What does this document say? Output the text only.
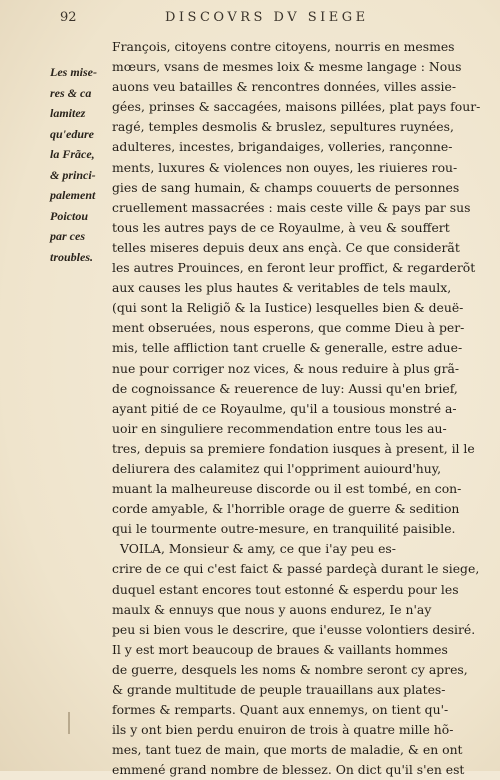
92	DISCOVRS DV SIEGE
Les mise-
res & ca
lamitez
qu'edure
la Frãce,
& princi-
palement
Poictou
par ces
troubles.
François, citoyens contre citoyens, nourris en mesmes
mœurs, vsans de mesmes loix & mesme langage : Nous
auons veu batailles & rencontres données, villes assie-
gées, prinses & saccagées, maisons pillées, plat pays four-
ragé, temples desmolis & bruslez, sepultures ruynées,
adulteres, incestes, brigandaiges, volleries, rançonne-
ments, luxures & violences non ouyes, les riuieres rou-
gies de sang humain, & champs couuerts de personnes
cruellement massacrées : mais ceste ville & pays par sus
tous les autres pays de ce Royaulme, à veu & souffert
telles miseres depuis deux ans ençà. Ce que considerãt
les autres Prouinces, en feront leur proffict, & regarderõt
aux causes les plus hautes & veritables de tels maulx,
(qui sont la Religiõ & la Iustice) lesquelles bien & deuë-
ment obseruées, nous esperons, que comme Dieu à per-
mis, telle affliction tant cruelle & generalle, estre adue-
nue pour corriger noz vices, & nous reduire à plus grã-
de cognoissance & reuerence de luy: Aussi qu'en brief,
ayant pitié de ce Royaulme, qu'il a tousious monstré a-
uoir en singuliere recommendation entre tous les au-
tres, depuis sa premiere fondation iusques à present, il le
deliurera des calamitez qui l'oppriment auiourd'huy,
muant la malheureuse discorde ou il est tombé, en con-
corde amyable, & l'horrible orage de guerre & sedition
qui le tourmente outre-mesure, en tranquilité paisible.
VOILA, Monsieur & amy, ce que i'ay peu es-
crire de ce qui c'est faict & passé pardeçà durant le siege,
duquel estant encores tout estonné & esperdu pour les
maulx & ennuys que nous y auons endurez, Ie n'ay
peu si bien vous le descrire, que i'eusse volontiers desiré.
Il y est mort beaucoup de braues & vaillants hommes
de guerre, desquels les noms & nombre seront cy apres,
& grande multitude de peuple trauaillans aux plates-
formes & remparts. Quant aux ennemys, on tient qu'-
ils y ont bien perdu enuiron de trois à quatre mille hõ-
mes, tant tuez de main, que morts de maladie, & en ont
emmené grand nombre de blessez. On dict qu'il s'en est
